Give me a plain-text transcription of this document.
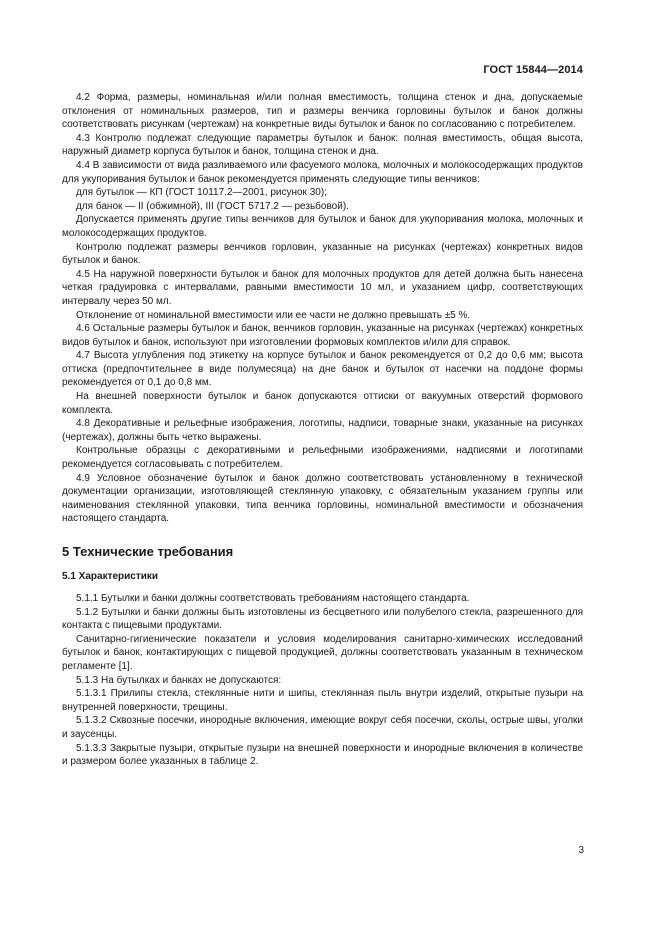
ГОСТ 15844—2014

4.2 Форма, размеры, номинальная и/или полная вместимость, толщина стенок и дна, допускаемые отклонения от номинальных размеров, тип и размеры венчика горловины бутылок и банок должны соответствовать рисункам (чертежам) на конкретные виды бутылок и банок по согласованию с потребителем.

4.3 Контролю подлежат следующие параметры бутылок и банок: полная вместимость, общая высота, наружный диаметр корпуса бутылок и банок, толщина стенок и дна.

4.4 В зависимости от вида разливаемого или фасуемого молока, молочных и молокосодержащих продуктов для укупоривания бутылок и банок рекомендуется применять следующие типы венчиков:

для бутылок — КП (ГОСТ 10117.2—2001, рисунок 30);

для банок — II (обжимной), III (ГОСТ 5717.2 — резьбовой).

Допускается применять другие типы венчиков для бутылок и банок для укупоривания молока, молочных и молокосодержащих продуктов.

Контролю подлежат размеры венчиков горловин, указанные на рисунках (чертежах) конкретных видов бутылок и банок.

4.5 На наружной поверхности бутылок и банок для молочных продуктов для детей должна быть нанесена четкая градуировка с интервалами, равными вместимости 10 мл, и указанием цифр, соответствующих интервалу через 50 мл.

Отклонение от номинальной вместимости или ее части не должно превышать ±5 %.

4.6 Остальные размеры бутылок и банок, венчиков горловин, указанные на рисунках (чертежах) конкретных видов бутылок и банок, используют при изготовлении формовых комплектов и/или для справок.

4.7 Высота углубления под этикетку на корпусе бутылок и банок рекомендуется от 0,2 до 0,6 мм; высота оттиска (предпочтительнее в виде полумесяца) на дне банок и бутылок от насечки на поддоне формы рекомендуется от 0,1 до 0,8 мм.

На внешней поверхности бутылок и банок допускаются оттиски от вакуумных отверстий формового комплекта.

4.8 Декоративные и рельефные изображения, логотипы, надписи, товарные знаки, указанные на рисунках (чертежах), должны быть четко выражены.

Контрольные образцы с декоративными и рельефными изображениями, надписями и логотипами рекомендуется согласовывать с потребителем.

4.9 Условное обозначение бутылок и банок должно соответствовать установленному в технической документации организации, изготовляющей стеклянную упаковку, с обязательным указанием группы или наименования стеклянной упаковки, типа венчика горловины, номинальной вместимости и обозначения настоящего стандарта.

5 Технические требования
5.1 Характеристики

5.1.1 Бутылки и банки должны соответствовать требованиям настоящего стандарта.

5.1.2 Бутылки и банки должны быть изготовлены из бесцветного или полубелого стекла, разрешенного для контакта с пищевыми продуктами.

Санитарно-гигиенические показатели и условия моделирования санитарно-химических исследований бутылок и банок, контактирующих с пищевой продукцией, должны соответствовать указанным в техническом регламенте [1].

5.1.3 На бутылках и банках не допускаются:

5.1.3.1 Прилипы стекла, стеклянные нити и шипы, стеклянная пыль внутри изделий, открытые пузыри на внутренней поверхности, трещины.

5.1.3.2 Сквозные посечки, инородные включения, имеющие вокруг себя посечки, сколы, острые швы, уголки и заусенцы.

5.1.3.3 Закрытые пузыри, открытые пузыри на внешней поверхности и инородные включения в количестве и размером более указанных в таблице 2.

3
